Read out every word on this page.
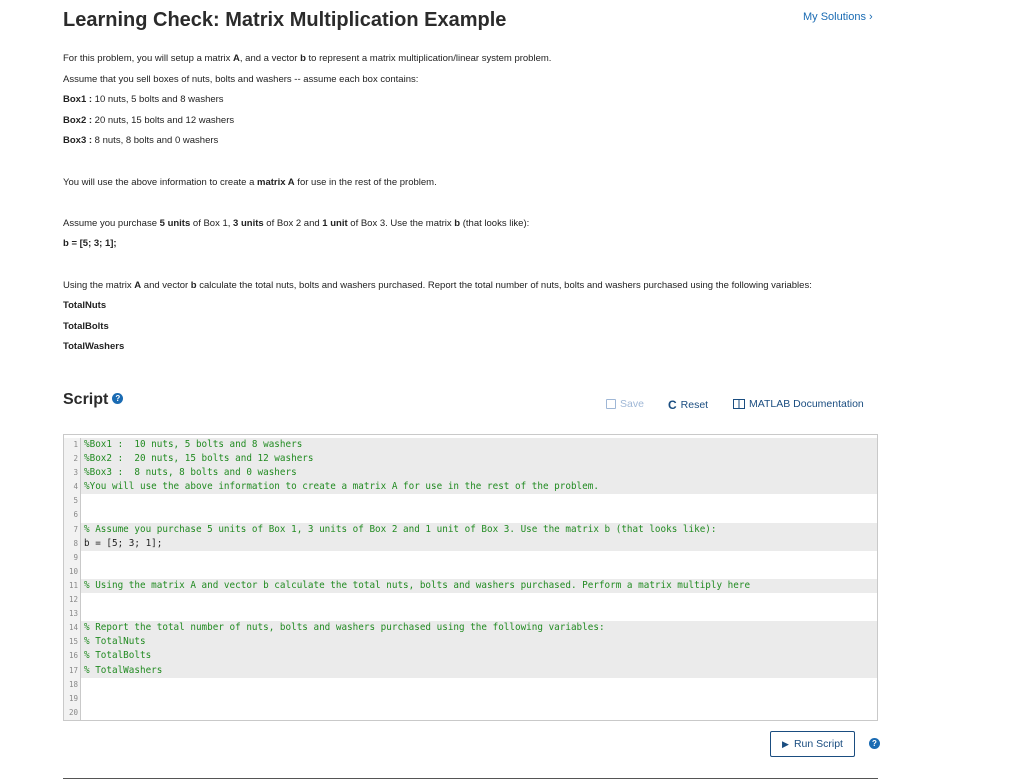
Learning Check: Matrix Multiplication Example	My Solutions ›

For this problem, you will setup a matrix A, and a vector b to represent a matrix multiplication/linear system problem.

Assume that you sell boxes of nuts, bolts and washers -- assume each box contains:

Box1 : 10 nuts, 5 bolts and 8 washers

Box2 : 20 nuts, 15 bolts and 12 washers

Box3 : 8 nuts, 8 bolts and 0 washers

You will use the above information to create a matrix A for use in the rest of the problem.

Assume you purchase 5 units of Box 1, 3 units of Box 2 and 1 unit of Box 3. Use the matrix b (that looks like):

b = [5; 3; 1];

Using the matrix A and vector b calculate the total nuts, bolts and washers purchased. Report the total number of nuts, bolts and washers purchased using the following variables:

TotalNuts

TotalBolts

TotalWashers

Script ?	Save C Reset	MATLAB Documentation
1 %Box1 :  10 nuts, 5 bolts and 8 washers
2 %Box2 :  20 nuts, 15 bolts and 12 washers
3 %Box3 :  8 nuts, 8 bolts and 0 washers
4 %You will use the above information to create a matrix A for use in the rest of the problem.
5
6
7 % Assume you purchase 5 units of Box 1, 3 units of Box 2 and 1 unit of Box 3. Use the matrix b (that looks like):
8 b = [5; 3; 1];
9
10
11 % Using the matrix A and vector b calculate the total nuts, bolts and washers purchased. Perform a matrix multiply here
12
13
14 % Report the total number of nuts, bolts and washers purchased using the following variables:
15 % TotalNuts
16 % TotalBolts
17 % TotalWashers
18
19
20
▶ Run Script	?
